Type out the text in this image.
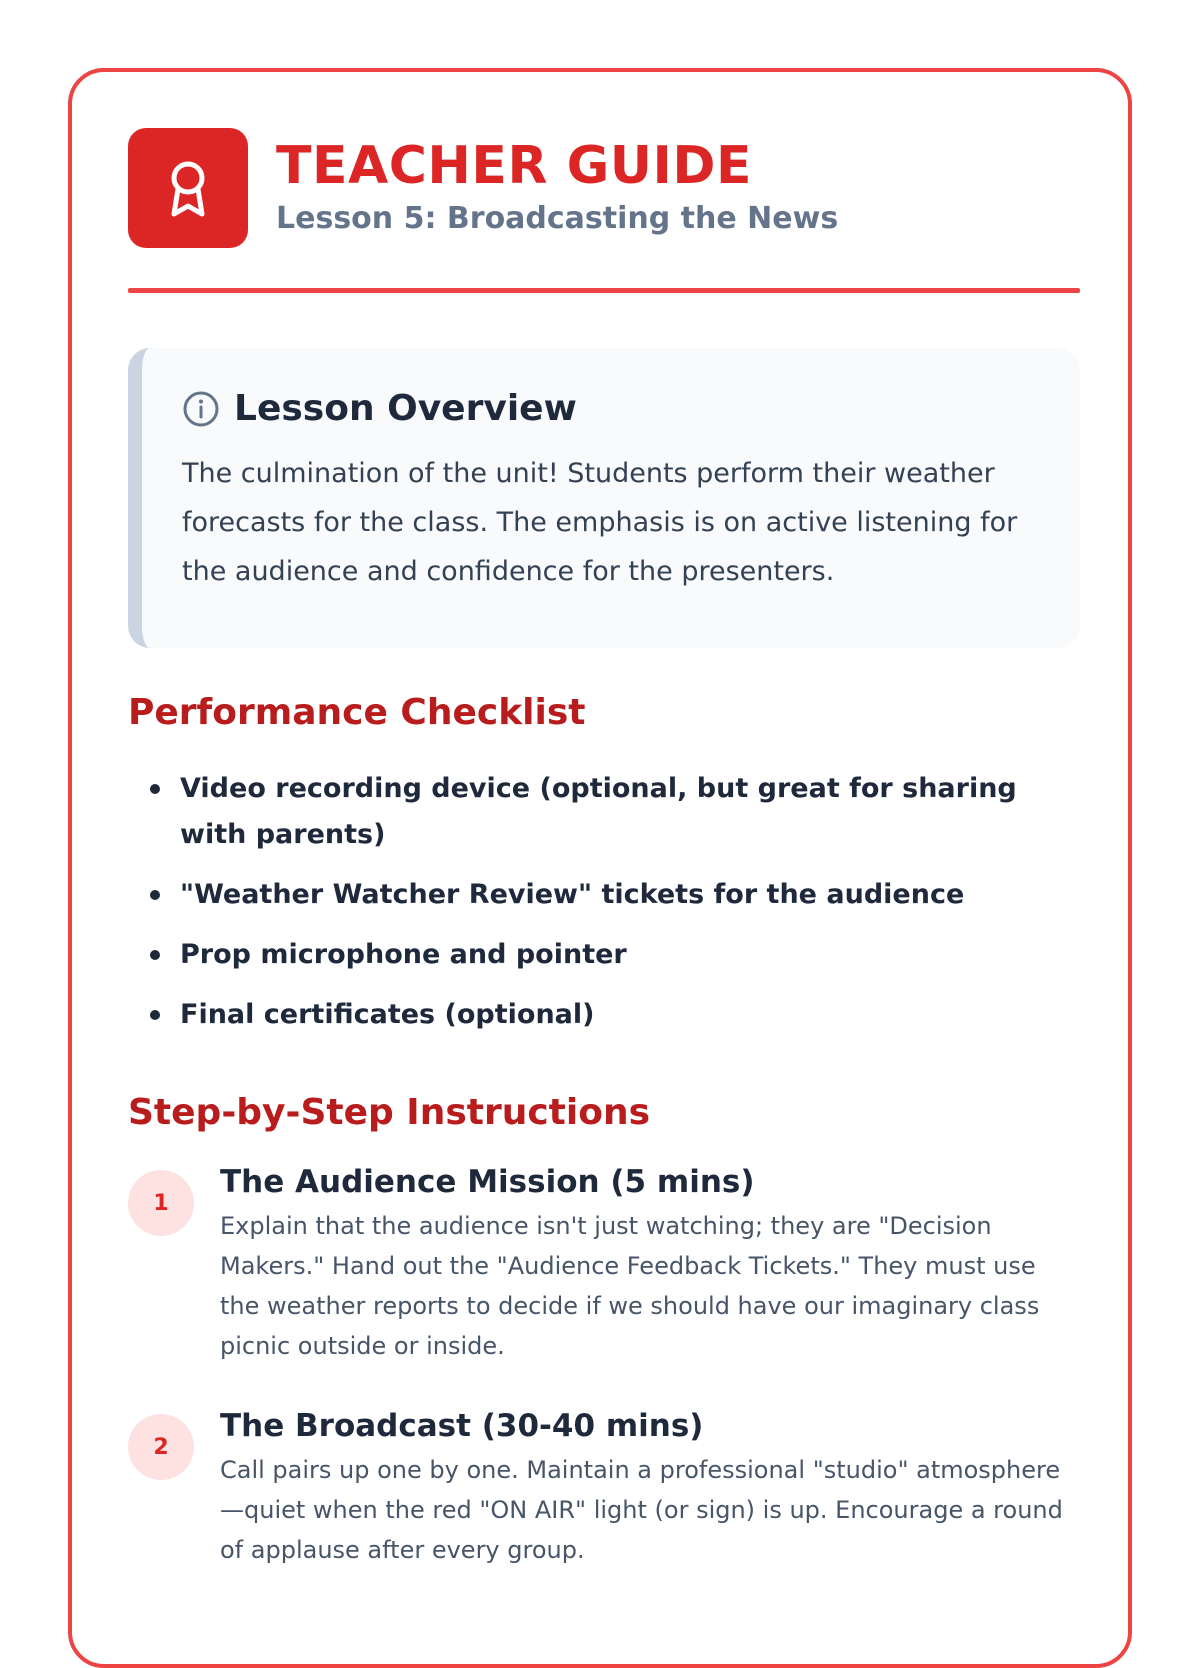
TEACHER GUIDE
Lesson 5: Broadcasting the News
Lesson Overview
The culmination of the unit! Students perform their weather forecasts for the class. The emphasis is on active listening for the audience and confidence for the presenters.
Performance Checklist
Video recording device (optional, but great for sharing with parents)
"Weather Watcher Review" tickets for the audience
Prop microphone and pointer
Final certificates (optional)
Step-by-Step Instructions
1
The Audience Mission (5 mins)
Explain that the audience isn't just watching; they are "Decision Makers." Hand out the "Audience Feedback Tickets." They must use the weather reports to decide if we should have our imaginary class picnic outside or inside.
2
The Broadcast (30-40 mins)
Call pairs up one by one. Maintain a professional "studio" atmosphere—quiet when the red "ON AIR" light (or sign) is up. Encourage a round of applause after every group.
